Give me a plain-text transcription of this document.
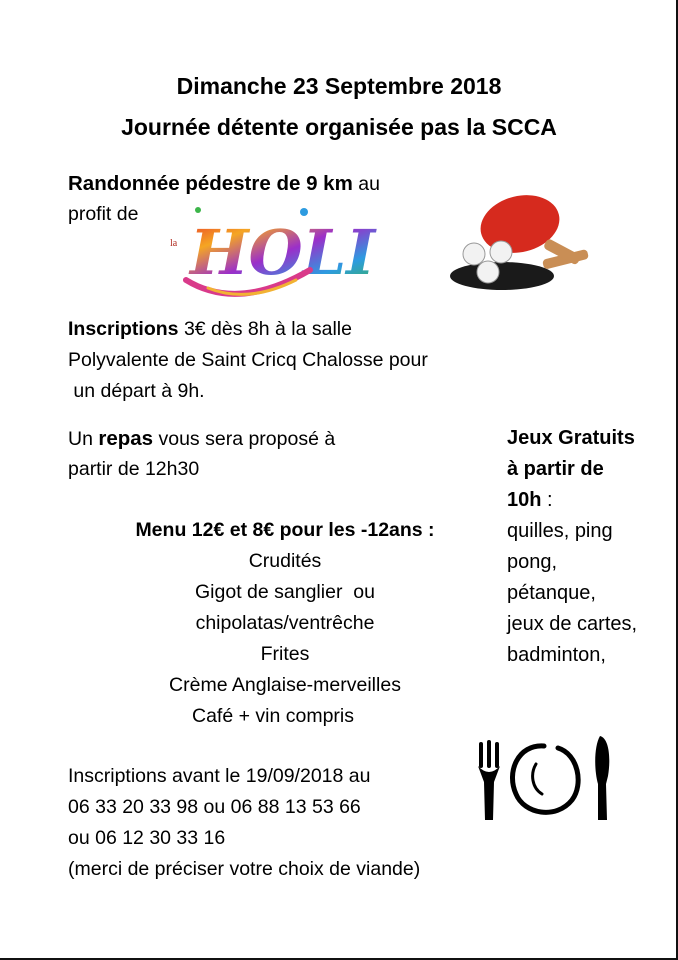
Dimanche 23 Septembre 2018

Journée détente organisée pas la SCCA

Randonnée pédestre de 9 km au
profit de
la HOLI
Inscriptions 3€ dès 8h à la salle
Polyvalente de Saint Cricq Chalosse pour
un départ à 9h.
Un repas vous sera proposé à
partir de 12h30
Menu 12€ et 8€ pour les -12ans :
Crudités
Gigot de sanglier  ou
chipolatas/ventrêche
Frites
Crème Anglaise-merveilles
Café + vin compris
Jeux Gratuits
à partir de
10h :
quilles, ping
pong,
pétanque,
jeux de cartes,
badminton,
Inscriptions avant le 19/09/2018 au
06 33 20 33 98 ou 06 88 13 53 66
ou 06 12 30 33 16
(merci de préciser votre choix de viande)
